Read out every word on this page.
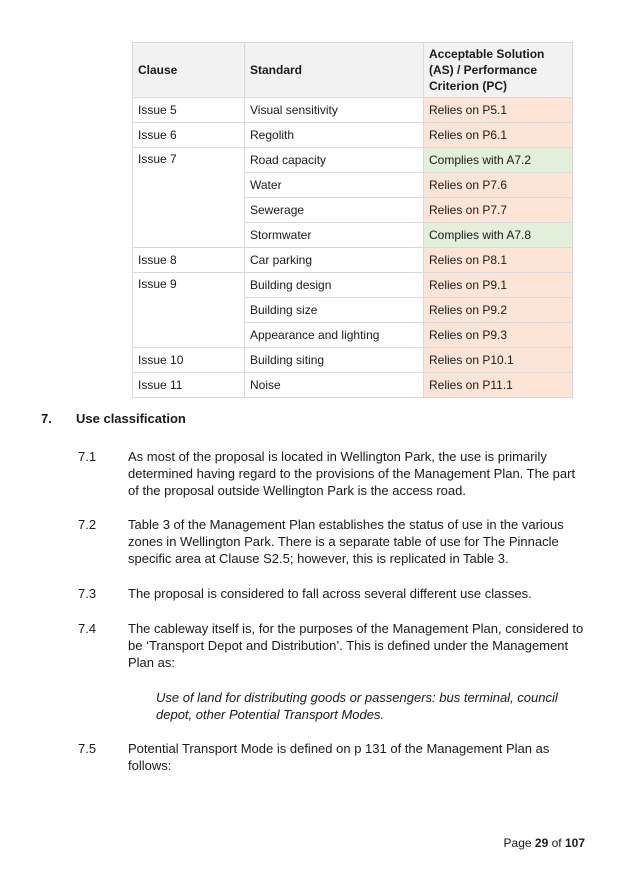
Clause	Standard	Acceptable Solution (AS) / Performance Criterion (PC)
Issue 5	Visual sensitivity	Relies on P5.1
Issue 6	Regolith	Relies on P6.1
Issue 7	Road capacity	Complies with A7.2
	Water	Relies on P7.6
	Sewerage	Relies on P7.7
	Stormwater	Complies with A7.8
Issue 8	Car parking	Relies on P8.1
Issue 9	Building design	Relies on P9.1
	Building size	Relies on P9.2
	Appearance and lighting	Relies on P9.3
Issue 10	Building siting	Relies on P10.1
Issue 11	Noise	Relies on P11.1
7. Use classification
7.1 As most of the proposal is located in Wellington Park, the use is primarily determined having regard to the provisions of the Management Plan. The part of the proposal outside Wellington Park is the access road.
7.2 Table 3 of the Management Plan establishes the status of use in the various zones in Wellington Park. There is a separate table of use for The Pinnacle specific area at Clause S2.5; however, this is replicated in Table 3.
7.3 The proposal is considered to fall across several different use classes.
7.4 The cableway itself is, for the purposes of the Management Plan, considered to be ‘Transport Depot and Distribution’. This is defined under the Management Plan as:
Use of land for distributing goods or passengers: bus terminal, council depot, other Potential Transport Modes.
7.5 Potential Transport Mode is defined on p 131 of the Management Plan as follows:
Page 29 of 107
